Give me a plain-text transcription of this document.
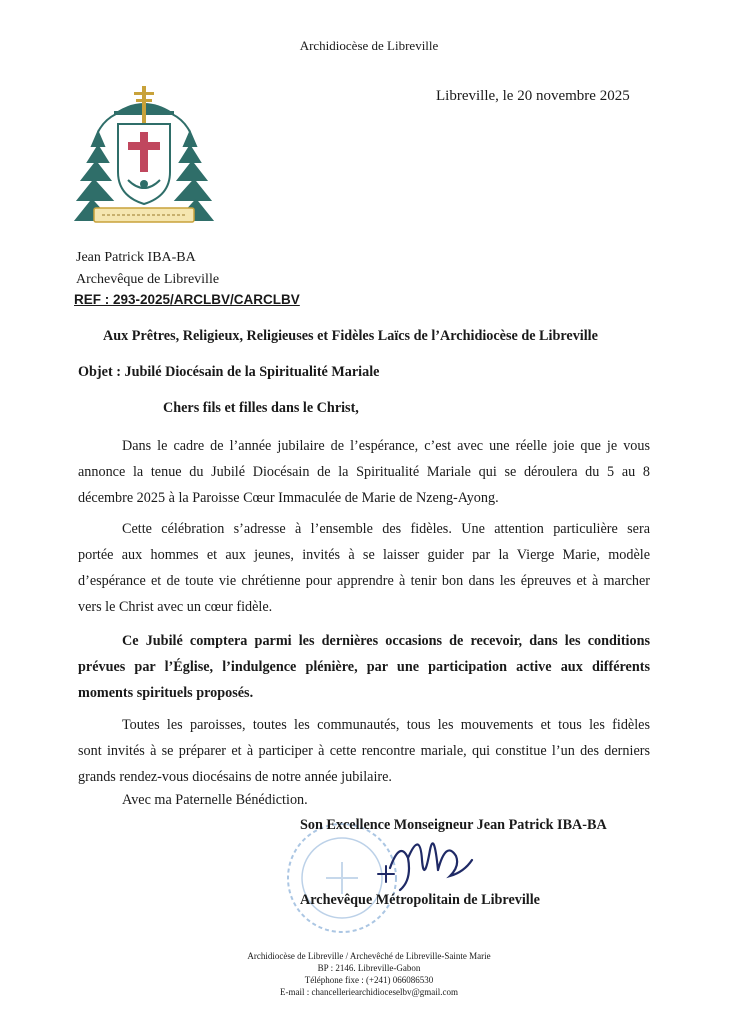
Archidiocèse de Libreville
Libreville, le 20 novembre 2025
Jean Patrick IBA-BA
Archevêque de Libreville
REF : 293-2025/ARCLBV/CARCLBV
Aux Prêtres, Religieux, Religieuses et Fidèles Laïcs de l’Archidiocèse de Libreville
Objet : Jubilé Diocésain de la Spiritualité Mariale
Chers fils et filles dans le Christ,
Dans le cadre de l’année jubilaire de l’espérance, c’est avec une réelle joie que je vous
annonce la tenue du Jubilé Diocésain de la Spiritualité Mariale qui se déroulera du 5 au 8
décembre 2025 à la Paroisse Cœur Immaculée de Marie de Nzeng-Ayong.
Cette célébration s’adresse à l’ensemble des fidèles. Une attention particulière sera
portée aux hommes et aux jeunes, invités à se laisser guider par la Vierge Marie, modèle
d’espérance et de toute vie chrétienne pour apprendre à tenir bon dans les épreuves et à marcher
vers le Christ avec un cœur fidèle.
Ce Jubilé comptera parmi les dernières occasions de recevoir, dans les conditions
prévues par l’Église, l’indulgence plénière, par une participation active aux différents
moments spirituels proposés.
Toutes les paroisses, toutes les communautés, tous les mouvements et tous les fidèles
sont invités à se préparer et à participer à cette rencontre mariale, qui constitue l’un des derniers
grands rendez-vous diocésains de notre année jubilaire.
Avec ma Paternelle Bénédiction.
Son Excellence Monseigneur Jean Patrick IBA-BA
Archevêque Métropolitain de Libreville
Archidiocèse de Libreville / Archevêché de Libreville-Sainte Marie
BP : 2146. Libreville-Gabon
Téléphone fixe : (+241) 066086530
E-mail : chancelleriearchidioceselbv@gmail.com
